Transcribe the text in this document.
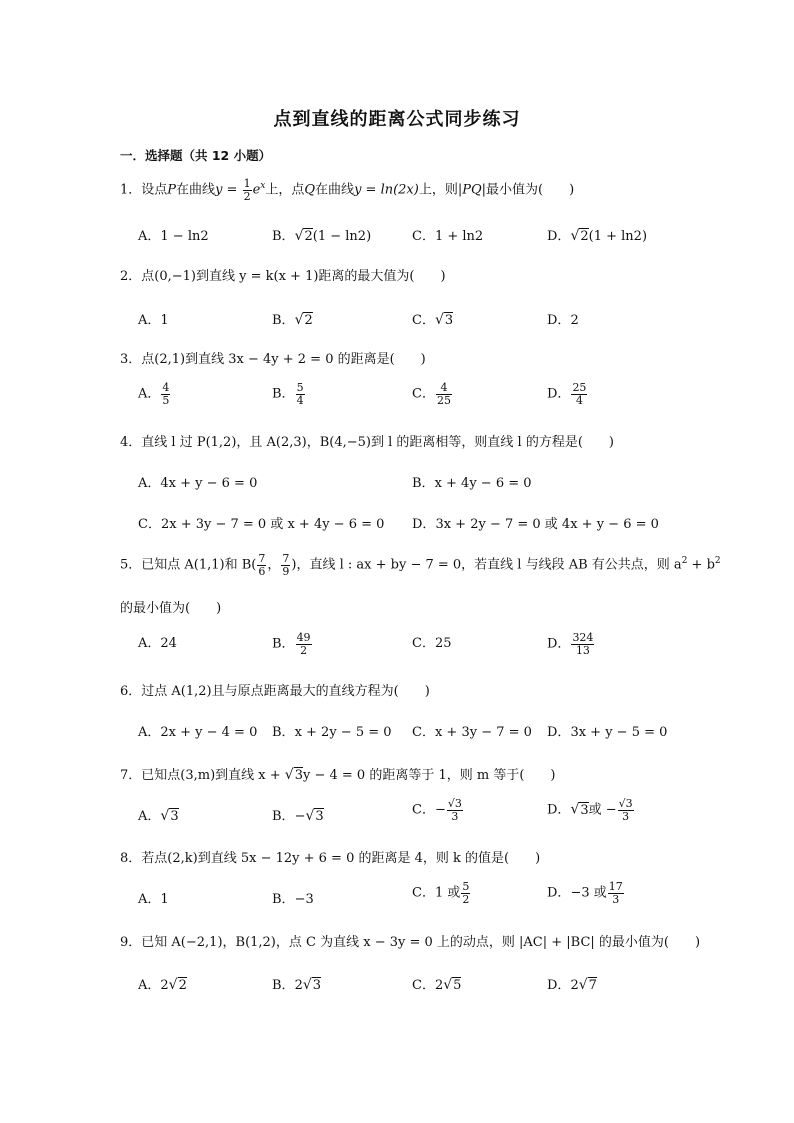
点到直线的距离公式同步练习
一．选择题（共 12 小题）
1．设点P在曲线$y = \frac{1}{2} e^x$上，点Q在曲线y = ln(2x)上，则|PQ|最小值为(　　)
A．1 − ln2	B．√2(1 − ln2)	C．1 + ln2	D．√2(1 + ln2)
2．点(0,−1)到直线 y = k(x + 1)距离的最大值为(　　)
A．1	B．√2	C．√3	D．2
3．点(2,1)到直线 3x − 4y + 2 = 0 的距离是(　　)
A． $\frac{4}{5}$	B． $\frac{5}{4}$	C． $\frac{4}{25}$	D． $\frac{25}{4}$
4．直线 l 过 P(1,2)，且 A(2,3)，B(4,−5)到 l 的距离相等，则直线 l 的方程是(　　)
A．4x + y − 6 = 0	B．x + 4y − 6 = 0
C．2x + 3y − 7 = 0 或 x + 4y − 6 = 0 D．3x + 2y − 7 = 0 或 4x + y − 6 = 0
5．已知点 A(1,1)和 $B( \frac{7}{6}$ ， $\frac{7}{9}$ )，直线 l : ax + by − 7 = 0，若直线 l 与线段 AB 有公共点，则 $a^2 + b^2$
的最小值为(　　)
A．24	B． $\frac{49}{2}$	C．25	D． $\frac{324}{13}$
6．过点 A(1,2)且与原点距离最大的直线方程为(　　)
A．2x + y − 4 = 0 B．x + 2y − 5 = 0 C．x + 3y − 7 = 0 D．3x + y − 5 = 0
7．已知点(3,m)到直线 x + √3y − 4 = 0 的距离等于 1，则 m 等于(　　)
A．√3	B．−√3	C．− $\frac{√3}{3}$	D．√3或 − $\frac{√3}{3}$
8．若点(2,k)到直线 5x − 12y + 6 = 0 的距离是 4，则 k 的值是(　　)
A．1	B．−3	C．1 或 $\frac{5}{2}$	D．−3 或 $\frac{17}{3}$
9．已知 A(−2,1)，B(1,2)，点 C 为直线 x − 3y = 0 上的动点，则 |AC| + |BC| 的最小值为(　　)
A．2√2	B．2√3	C．2√5	D．2√7
